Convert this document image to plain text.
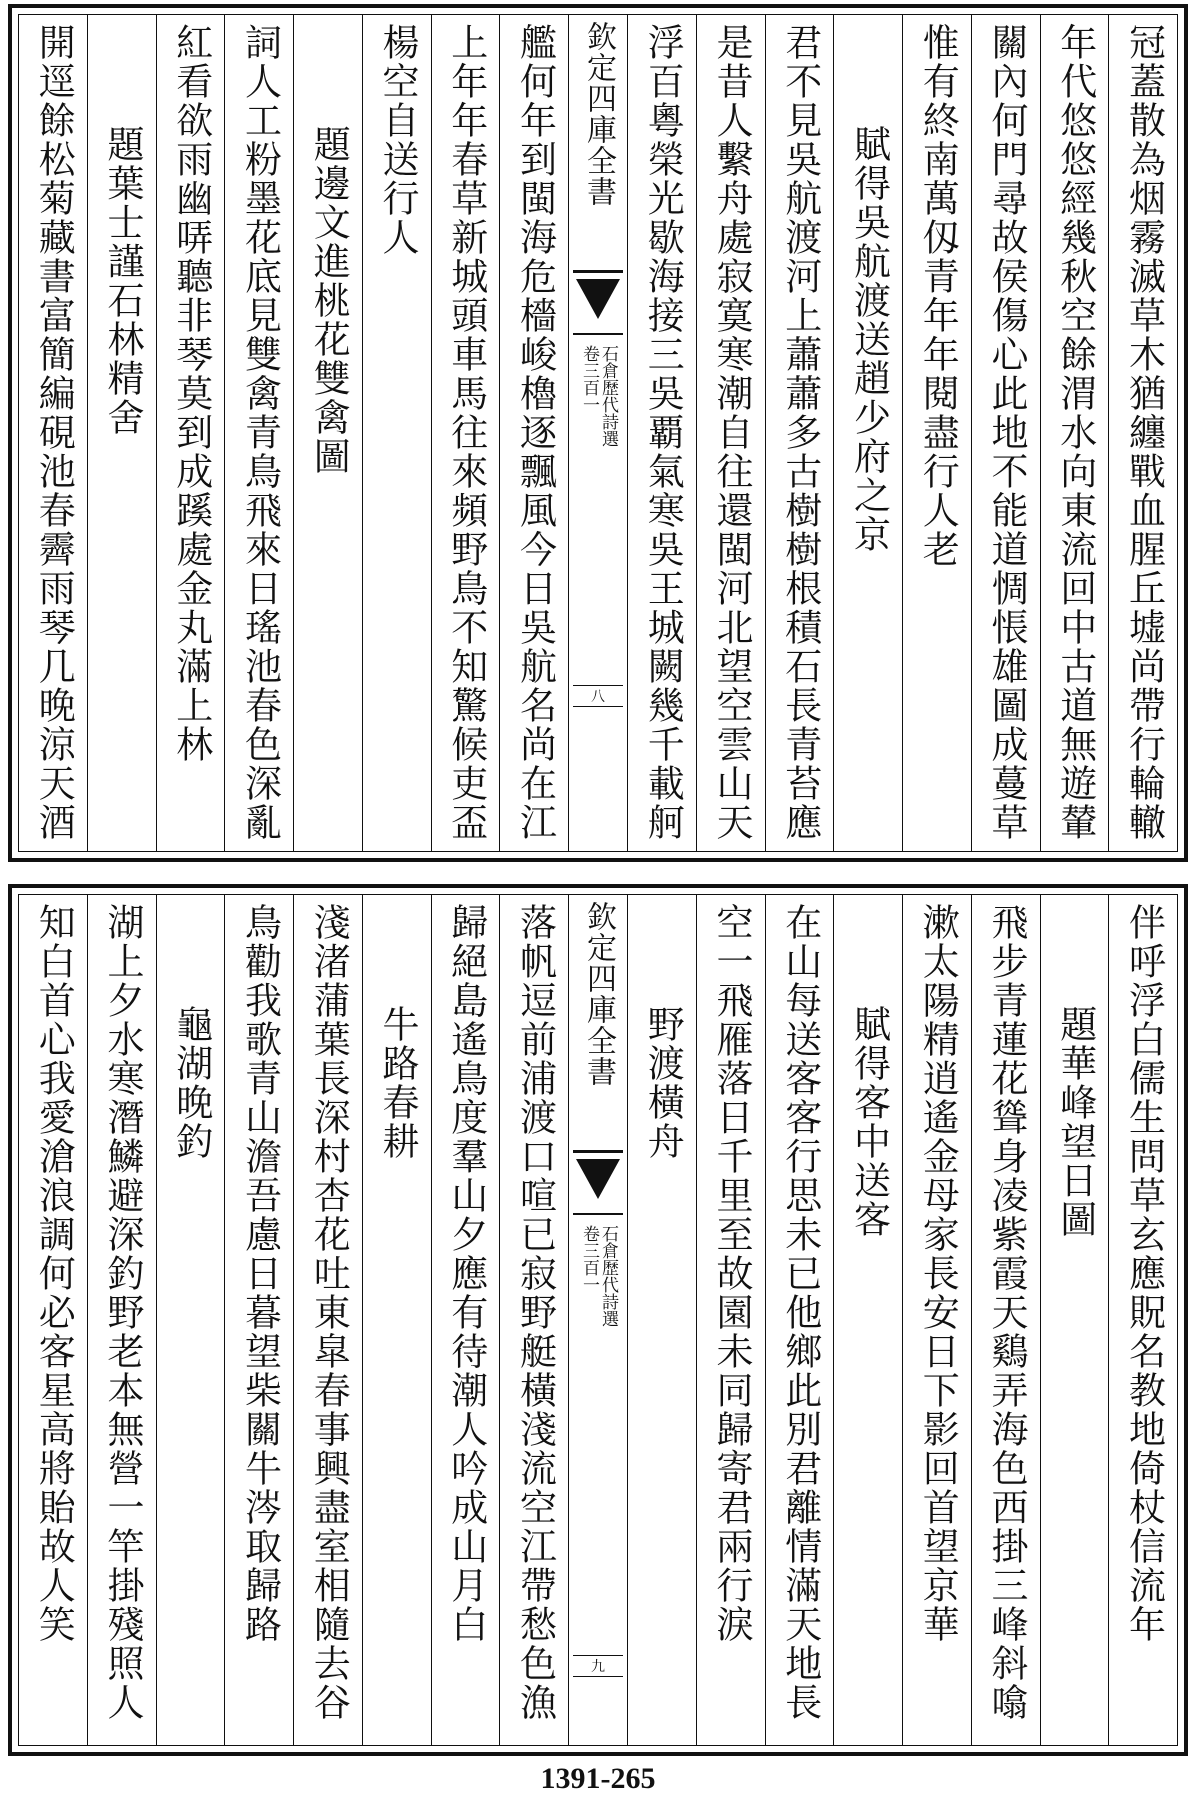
冠蓋散為烟霧滅草木猶纏戰血腥丘墟尚帶行輪轍
年代悠悠經幾秋空餘渭水向東流回中古道無遊輦
關內何門尋故侯傷心此地不能道惆悵雄圖成蔓草
惟有終南萬仭青年年閱盡行人老
賦得吳航渡送趙少府之京
君不見吳航渡河上蕭蕭多古樹樹根積石長青苔應
是昔人繫舟處寂寞寒潮自往還閩河北望空雲山天
浮百粵榮光歇海接三吳覇氣寒吳王城闕幾千載舸
欽定四庫全書
石倉歷代詩選
卷三百一
八
艦何年到閩海危檣峻櫓逐飄風今日吳航名尚在江
上年年春草新城頭車馬往來頻野鳥不知驚候吏盃
楊空自送行人
題邊文進桃花雙禽圖
詞人工粉墨花底見雙禽青鳥飛來日瑤池春色深亂
紅看欲雨幽哢聽非琴莫到成蹊處金丸滿上林
題葉士謹石林精舍
開逕餘松菊藏書富簡編硯池春霽雨琴几晚涼天酒
伴呼浮白儒生問草玄應貺名教地倚杖信流年
題華峰望日圖
飛步青蓮花聳身凌紫霞天鷄弄海色西掛三峰斜噏
漱太陽精逍遙金母家長安日下影回首望京華
賦得客中送客
在山每送客客行思未已他鄉此別君離情滿天地長
空一飛雁落日千里至故園未同歸寄君兩行淚
野渡橫舟
欽定四庫全書
石倉歷代詩選
卷三百一
九
落帆逗前浦渡口喧已寂野艇橫淺流空江帶愁色漁
歸絕島遙鳥度羣山夕應有待潮人吟成山月白
牛路春耕
淺渚蒲葉長深村杏花吐東皐春事興盡室相隨去谷
鳥勸我歌青山澹吾慮日暮望柴關牛涔取歸路
龜湖晚釣
湖上夕水寒潛鱗避深釣野老本無營一竿掛殘照人
知白首心我愛滄浪調何必客星高將貽故人笑
1391-265
